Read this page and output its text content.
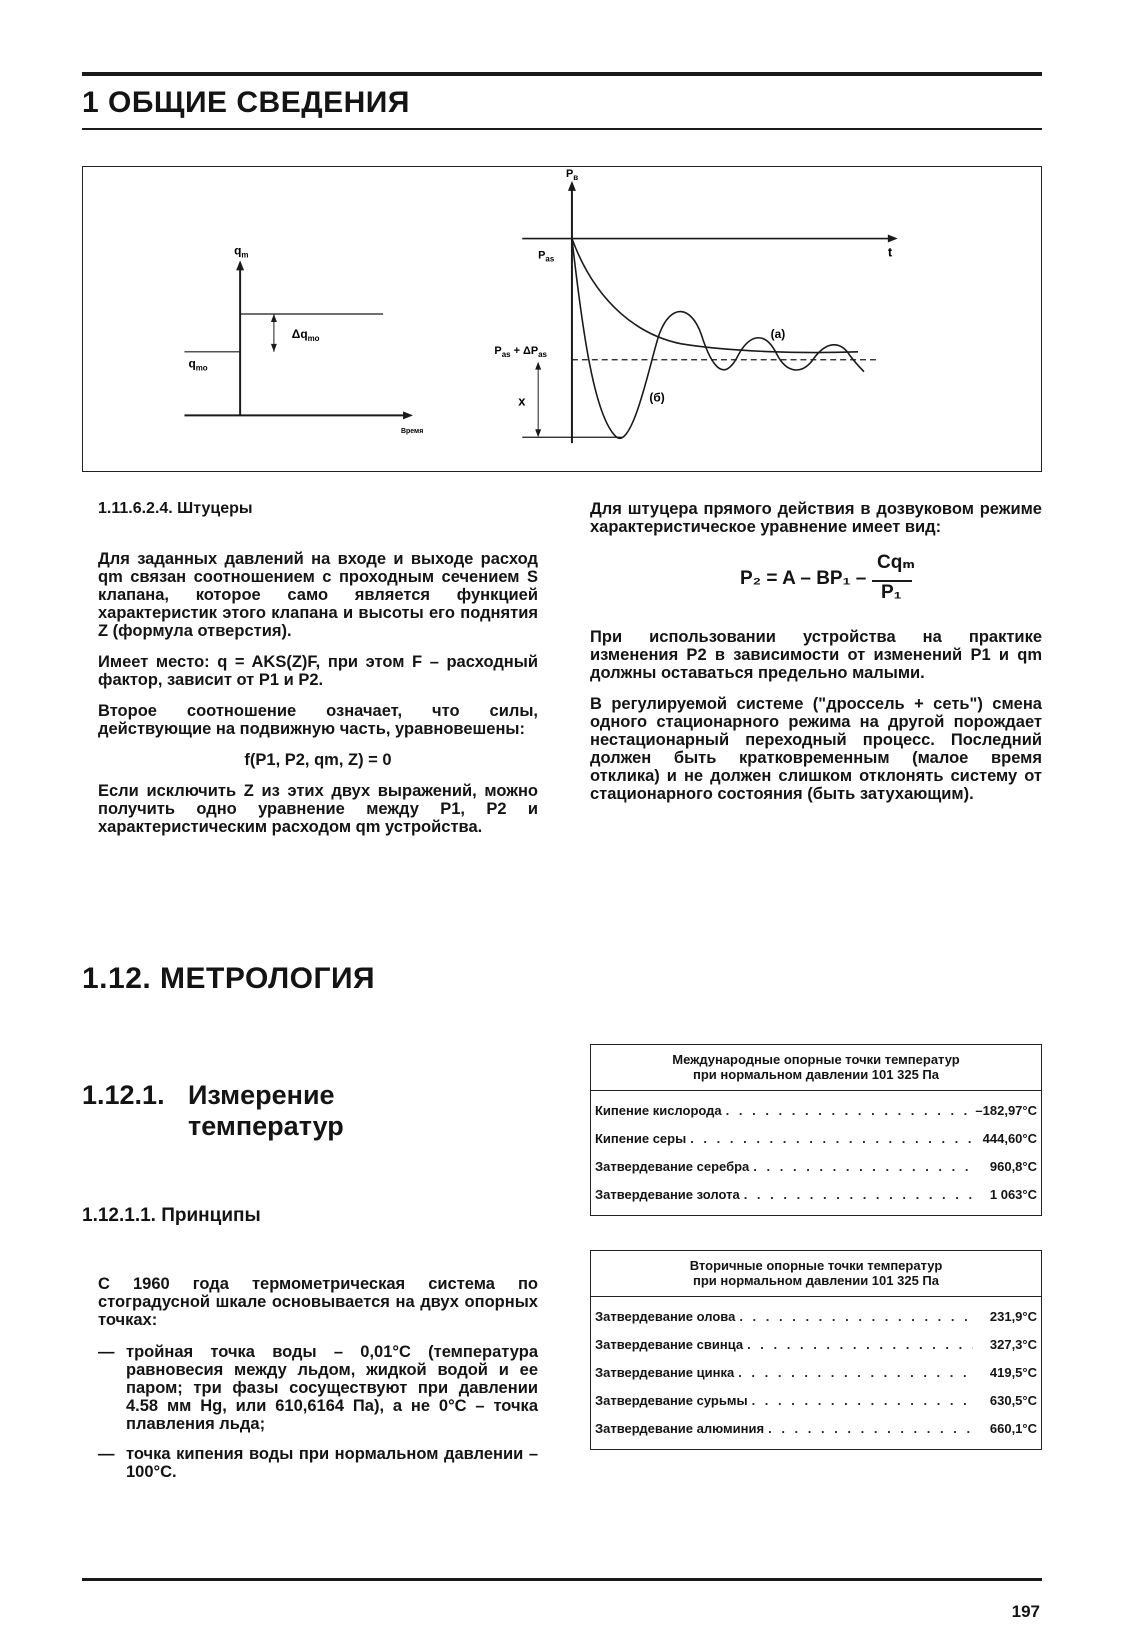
1 ОБЩИЕ СВЕДЕНИЯ
$q_m$
$\Delta q_{mo}$
$q_{mo}$
Время
$P_в$
t
$P_{as}$
$P_{as} + \Delta P_{as}$
x
(a)
(б)
1.11.6.2.4. Штуцеры

Для заданных давлений на входе и выходе расход qm связан соотношением с проходным сечением S клапана, которое само является функцией характеристик этого клапана и высоты его поднятия Z (формула отверстия).

Имеет место: q = AKS(Z)F, при этом F – расходный фактор, зависит от P1 и P2.

Второе соотношение означает, что силы, действующие на подвижную часть, уравновешены:

f(P1, P2, qm, Z) = 0

Если исключить Z из этих двух выражений, можно получить одно уравнение между P1, P2 и характеристическим расходом qm устройства.

Для штуцера прямого действия в дозвуковом режиме характеристическое уравнение имеет вид:

P₂ = A – BP₁ –
Cqₘ
P₁

При использовании устройства на практике изменения P2 в зависимости от изменений P1 и qm должны оставаться предельно малыми.

В регулируемой системе ("дроссель + сеть") смена одного стационарного режима на другой порождает нестационарный переходный процесс. Последний должен быть кратковременным (малое время отклика) и не должен слишком отклонять систему от стационарного состояния (быть затухающим).

1.12. МЕТРОЛОГИЯ
1.12.1. Измерение
температур
1.12.1.1. Принципы

С 1960 года термометрическая система по стоградусной шкале основывается на двух опорных точках:

— тройная точка воды – 0,01°C (температура равновесия между льдом, жидкой водой и ее паром; три фазы сосуществуют при давлении 4.58 мм Hg, или 610,6164 Па), а не 0°C – точка плавления льда;
— точка кипения воды при нормальном давлении –100°C.
Международные опорные точки температур
при нормальном давлении 101 325 Па
Кипение кислорода . . .	–182,97°C
Кипение серы . . .	444,60°C
Затвердевание серебра . . .	960,8°C
Затвердевание золота . . .	1 063°C
Вторичные опорные точки температур
при нормальном давлении 101 325 Па
Затвердевание олова . . .	231,9°C
Затвердевание свинца . . .	327,3°C
Затвердевание цинка . . .	419,5°C
Затвердевание сурьмы . . .	630,5°C
Затвердевание алюминия . . .	660,1°C
197
